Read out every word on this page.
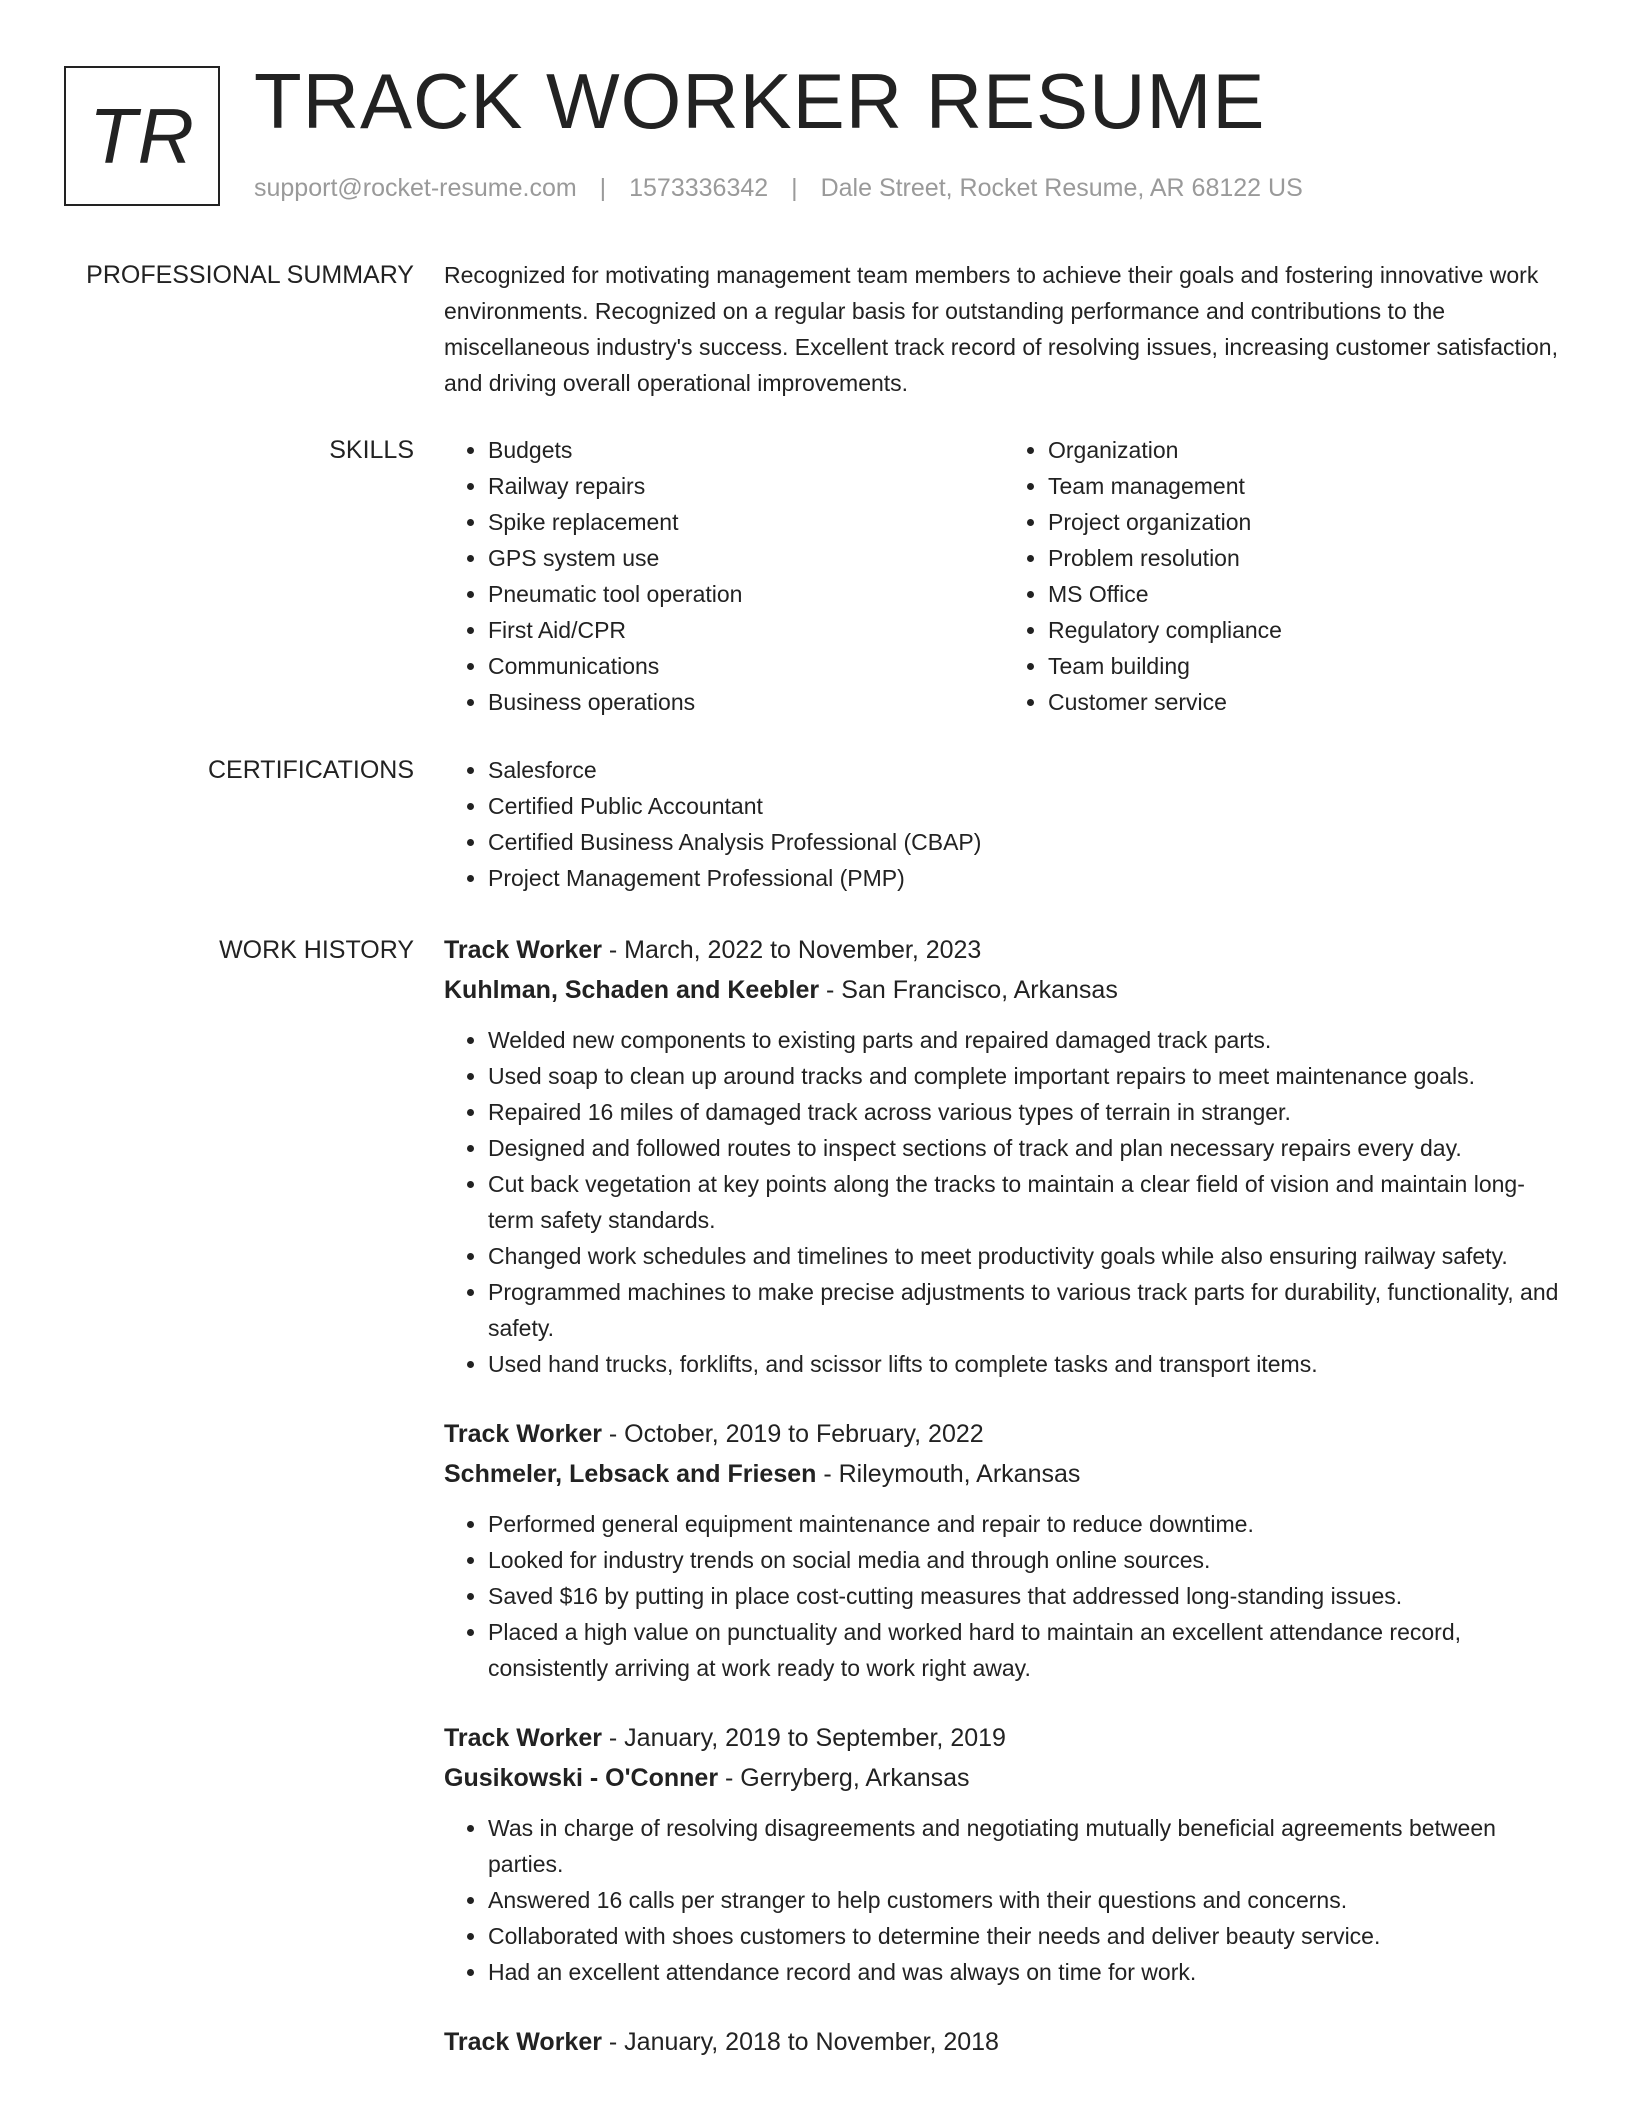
TR TRACK WORKER RESUME
support@rocket-resume.com | 1573336342 | Dale Street, Rocket Resume, AR 68122 US
PROFESSIONAL SUMMARY Recognized for motivating management team members to achieve their goals and fostering innovative work environments. Recognized on a regular basis for outstanding performance and contributions to the miscellaneous industry's success. Excellent track record of resolving issues, increasing customer satisfaction, and driving overall operational improvements.

SKILLS	• Budgets
• Railway repairs
• Spike replacement
• GPS system use
• Pneumatic tool operation
• First Aid/CPR
• Communications
• Business operations
• Organization
• Team management
• Project organization
• Problem resolution
• MS Office
• Regulatory compliance
• Team building
• Customer service
CERTIFICATIONS	• Salesforce
• Certified Public Accountant
• Certified Business Analysis Professional (CBAP)
• Project Management Professional (PMP)
WORK HISTORY Track Worker - March, 2022 to November, 2023
Kuhlman, Schaden and Keebler - San Francisco, Arkansas
• Welded new components to existing parts and repaired damaged track parts.
• Used soap to clean up around tracks and complete important repairs to meet maintenance goals.
• Repaired 16 miles of damaged track across various types of terrain in stranger.
• Designed and followed routes to inspect sections of track and plan necessary repairs every day.
• Cut back vegetation at key points along the tracks to maintain a clear field of vision and maintain long-term safety standards.
• Changed work schedules and timelines to meet productivity goals while also ensuring railway safety.
• Programmed machines to make precise adjustments to various track parts for durability, functionality, and safety.
• Used hand trucks, forklifts, and scissor lifts to complete tasks and transport items.
Track Worker - October, 2019 to February, 2022
Schmeler, Lebsack and Friesen - Rileymouth, Arkansas
• Performed general equipment maintenance and repair to reduce downtime.
• Looked for industry trends on social media and through online sources.
• Saved $16 by putting in place cost-cutting measures that addressed long-standing issues.
• Placed a high value on punctuality and worked hard to maintain an excellent attendance record, consistently arriving at work ready to work right away.
Track Worker - January, 2019 to September, 2019
Gusikowski - O'Conner - Gerryberg, Arkansas
• Was in charge of resolving disagreements and negotiating mutually beneficial agreements between parties.
• Answered 16 calls per stranger to help customers with their questions and concerns.
• Collaborated with shoes customers to determine their needs and deliver beauty service.
• Had an excellent attendance record and was always on time for work.
Track Worker - January, 2018 to November, 2018
